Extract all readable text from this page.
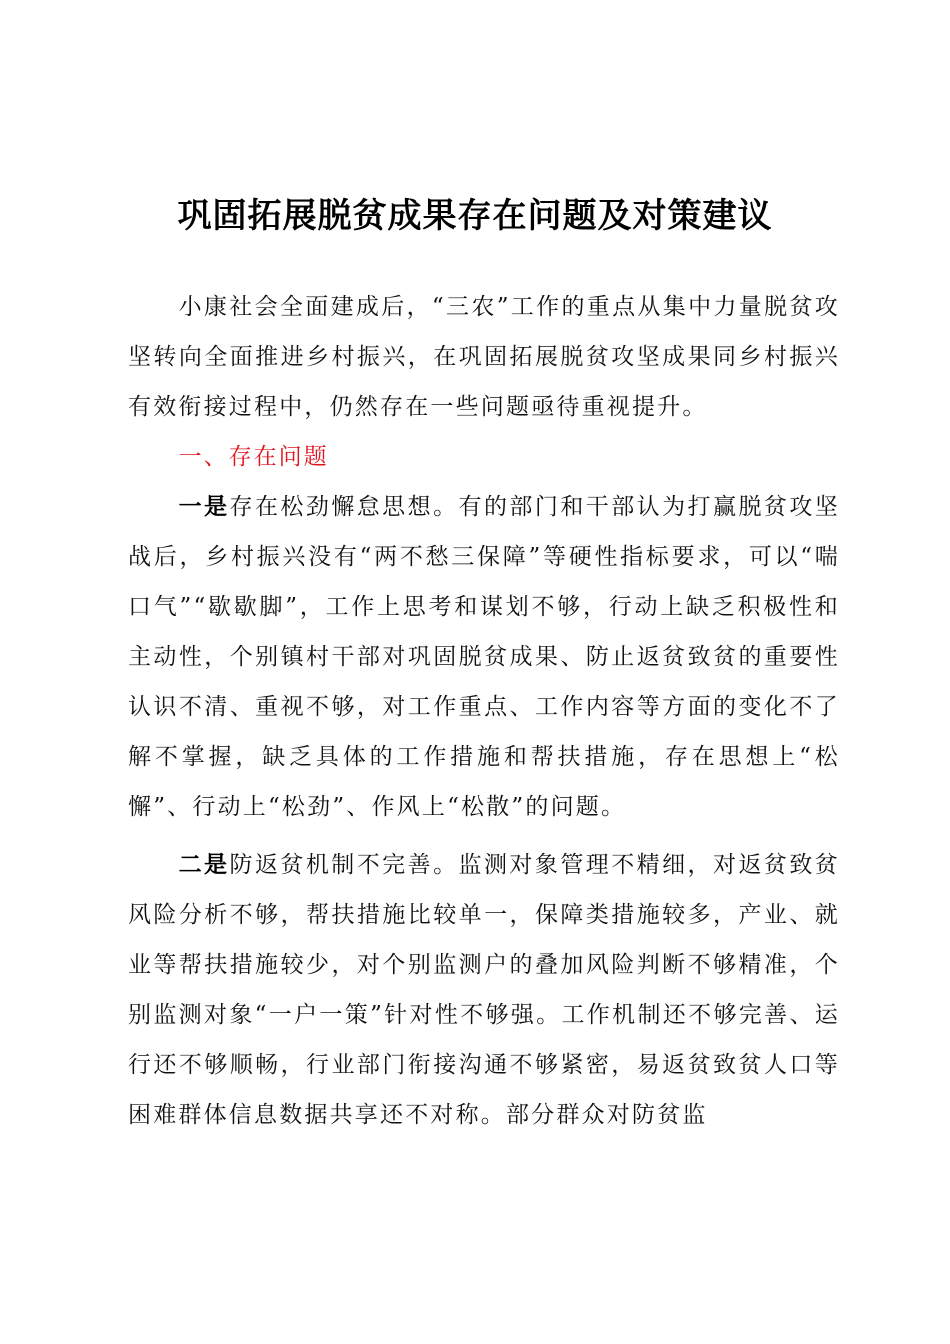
巩固拓展脱贫成果存在问题及对策建议

小康社会全面建成后，“三农”工作的重点从集中力量脱贫攻坚转向全面推进乡村振兴，在巩固拓展脱贫攻坚成果同乡村振兴有效衔接过程中，仍然存在一些问题亟待重视提升。

一、存在问题

一是存在松劲懈怠思想。有的部门和干部认为打赢脱贫攻坚战后，乡村振兴没有“两不愁三保障”等硬性指标要求，可以“喘口气”“歇歇脚”，工作上思考和谋划不够，行动上缺乏积极性和主动性，个别镇村干部对巩固脱贫成果、防止返贫致贫的重要性认识不清、重视不够，对工作重点、工作内容等方面的变化不了解不掌握，缺乏具体的工作措施和帮扶措施，存在思想上“松懈”、行动上“松劲”、作风上“松散”的问题。

二是防返贫机制不完善。监测对象管理不精细，对返贫致贫风险分析不够，帮扶措施比较单一，保障类措施较多，产业、就业等帮扶措施较少，对个别监测户的叠加风险判断不够精准，个别监测对象“一户一策”针对性不够强。工作机制还不够完善、运行还不够顺畅，行业部门衔接沟通不够紧密，易返贫致贫人口等困难群体信息数据共享还不对称。部分群众对防贫监
